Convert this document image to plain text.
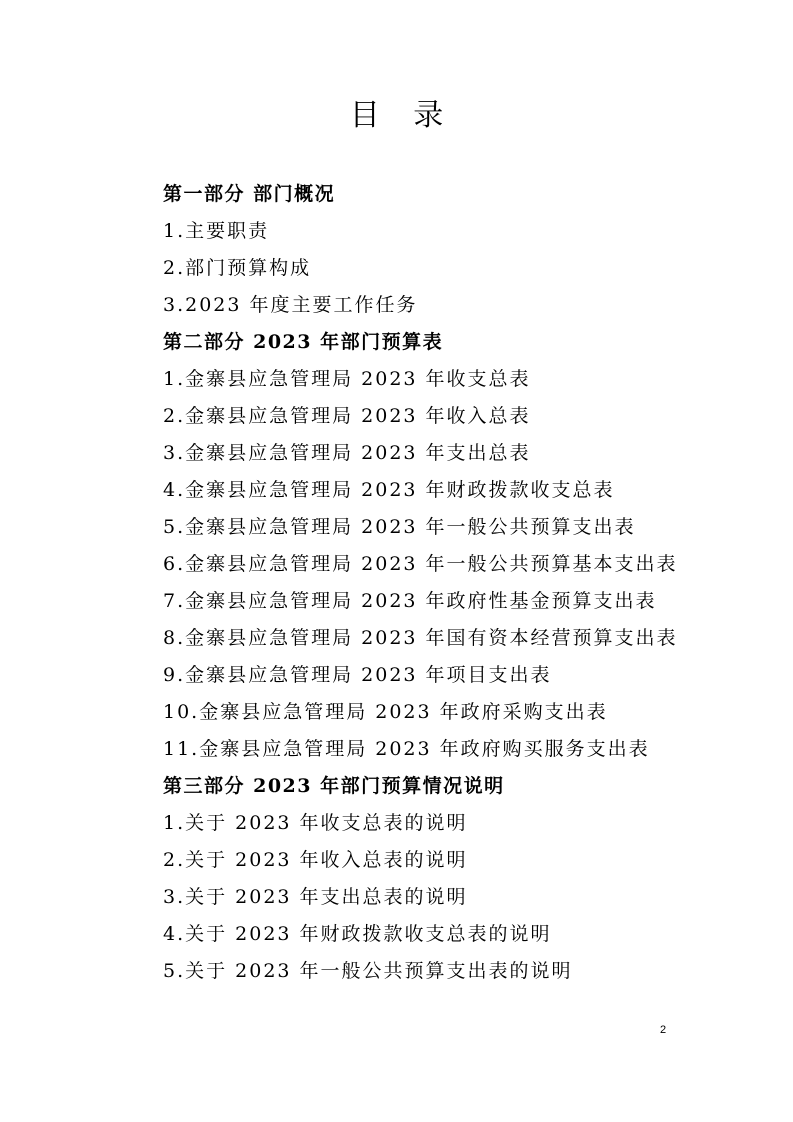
目 录
第一部分 部门概况
1.主要职责
2.部门预算构成
3.2023 年度主要工作任务
第二部分 2023 年部门预算表
1.金寨县应急管理局 2023 年收支总表
2.金寨县应急管理局 2023 年收入总表
3.金寨县应急管理局 2023 年支出总表
4.金寨县应急管理局 2023 年财政拨款收支总表
5.金寨县应急管理局 2023 年一般公共预算支出表
6.金寨县应急管理局 2023 年一般公共预算基本支出表
7.金寨县应急管理局 2023 年政府性基金预算支出表
8.金寨县应急管理局 2023 年国有资本经营预算支出表
9.金寨县应急管理局 2023 年项目支出表
10.金寨县应急管理局 2023 年政府采购支出表
11.金寨县应急管理局 2023 年政府购买服务支出表
第三部分 2023 年部门预算情况说明
1.关于 2023 年收支总表的说明
2.关于 2023 年收入总表的说明
3.关于 2023 年支出总表的说明
4.关于 2023 年财政拨款收支总表的说明
5.关于 2023 年一般公共预算支出表的说明
2
